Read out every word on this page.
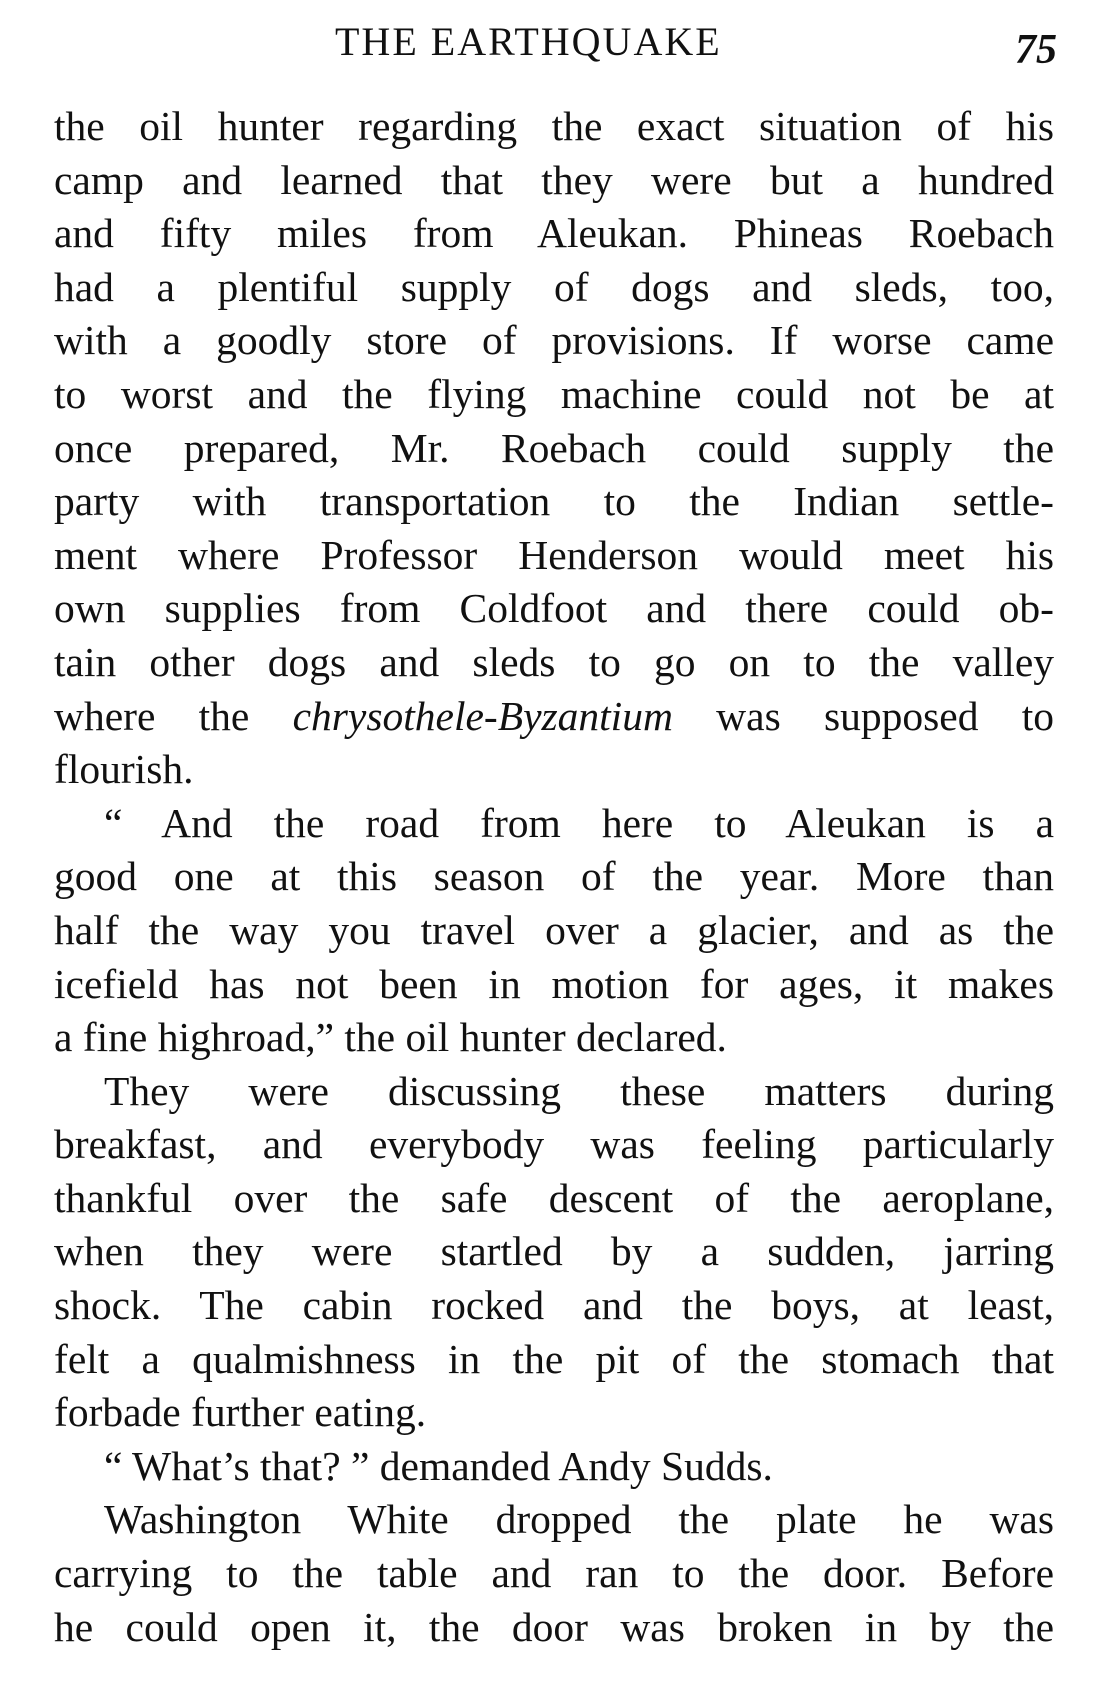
THE EARTHQUAKE	75
the oil hunter regarding the exact situation of his
camp and learned that they were but a hundred
and fifty miles from Aleukan. Phineas Roebach
had a plentiful supply of dogs and sleds, too,
with a goodly store of provisions. If worse came
to worst and the flying machine could not be at
once prepared, Mr. Roebach could supply the
party with transportation to the Indian settle-
ment where Professor Henderson would meet his
own supplies from Coldfoot and there could ob-
tain other dogs and sleds to go on to the valley
where the chrysothele-Byzantium was supposed to
flourish.
“ And the road from here to Aleukan is a
good one at this season of the year. More than
half the way you travel over a glacier, and as the
icefield has not been in motion for ages, it makes
a fine highroad,” the oil hunter declared.
They were discussing these matters during
breakfast, and everybody was feeling particularly
thankful over the safe descent of the aeroplane,
when they were startled by a sudden, jarring
shock. The cabin rocked and the boys, at least,
felt a qualmishness in the pit of the stomach that
forbade further eating.
“ What’s that? ” demanded Andy Sudds.
Washington White dropped the plate he was
carrying to the table and ran to the door. Before
he could open it, the door was broken in by the
